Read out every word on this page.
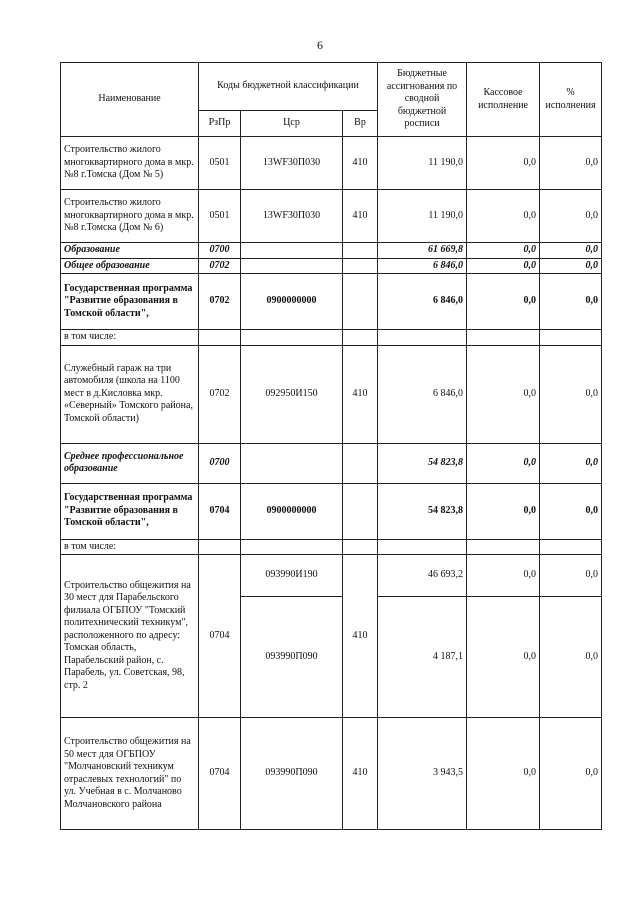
6
Наименование	Коды бюджетной классификации			Бюджетные ассигнования по сводной бюджетной росписи	Кассовое исполнение	% исполнения
	РзПр	Цср	Вр			
Строительство жилого многоквартирного дома в мкр.№8 г.Томска (Дом № 5)	0501	13WF30П030	410	11 190,0	0,0	0,0
Строительство жилого многоквартирного дома в мкр.№8 г.Томска (Дом № 6)	0501	13WF30П030	410	11 190,0	0,0	0,0
Образование	0700			61 669,8	0,0	0,0
Общее образование	0702			6 846,0	0,0	0,0
Государственная программа "Развитие образования в Томской области",	0702	0900000000		6 846,0	0,0	0,0
в том числе:						
Служебный гараж на три автомобиля (школа на 1100 мест в д.Кисловка мкр. «Северный» Томского района, Томской области)	0702	092950И150	410	6 846,0	0,0	0,0
Среднее профессиональное образование	0700			54 823,8	0,0	0,0
Государственная программа "Развитие образования в Томской области",	0704	0900000000		54 823,8	0,0	0,0
в том числе:						
Строительство общежития на 30 мест для Парабельского филиала ОГБПОУ "Томский политехнический техникум", расположенного по адресу: Томская область, Парабельский район, с. Парабель, ул. Советская, 98, стр. 2	0704	093990И190	410	46 693,2	0,0	0,0
		093990П090		4 187,1	0,0	0,0
Строительство общежития на 50 мест для ОГБПОУ "Молчановский техникум отраслевых технологий" по ул. Учебная в с. Молчаново Молчановского района	0704	093990П090	410	3 943,5	0,0	0,0
